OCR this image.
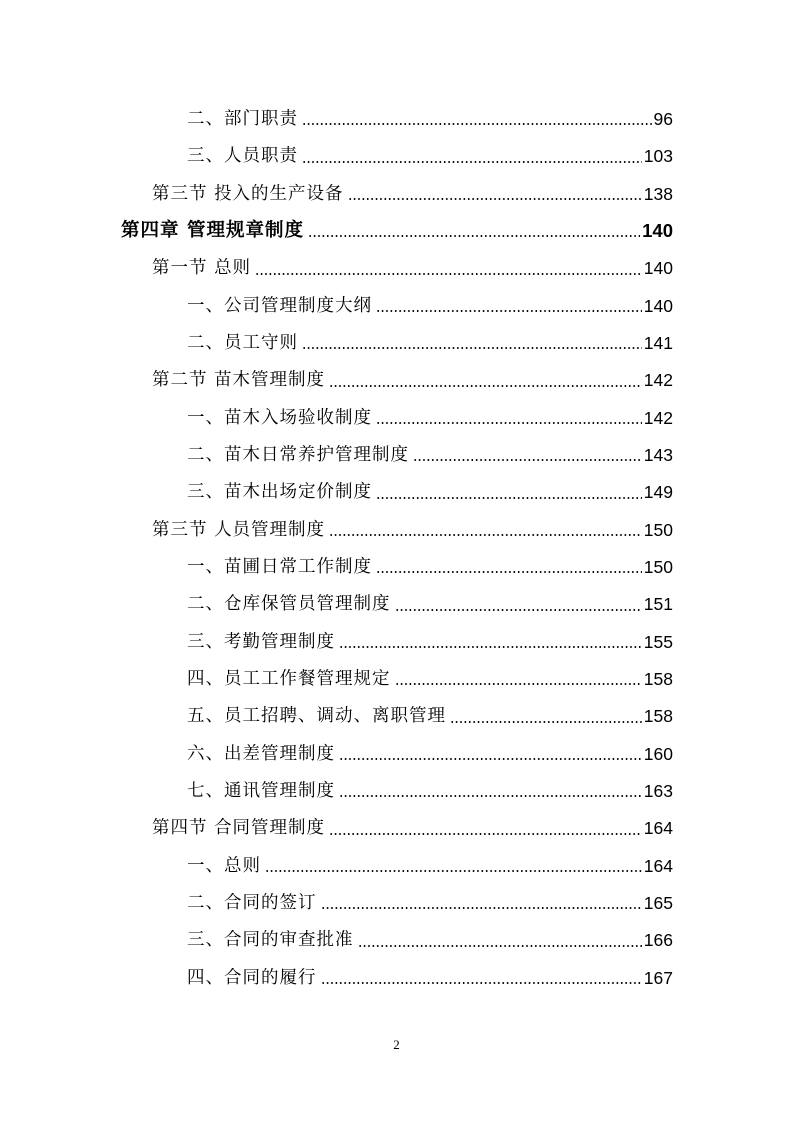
二、部门职责	96
三、人员职责	103
第三节 投入的生产设备	138
第四章 管理规章制度	140
第一节 总则	140
一、公司管理制度大纲	140
二、员工守则	141
第二节 苗木管理制度	142
一、苗木入场验收制度	142
二、苗木日常养护管理制度	143
三、苗木出场定价制度	149
第三节 人员管理制度	150
一、苗圃日常工作制度	150
二、仓库保管员管理制度	151
三、考勤管理制度	155
四、员工工作餐管理规定	158
五、员工招聘、调动、离职管理	158
六、出差管理制度	160
七、通讯管理制度	163
第四节 合同管理制度	164
一、总则	164
二、合同的签订	165
三、合同的审查批准	166
四、合同的履行	167
2
